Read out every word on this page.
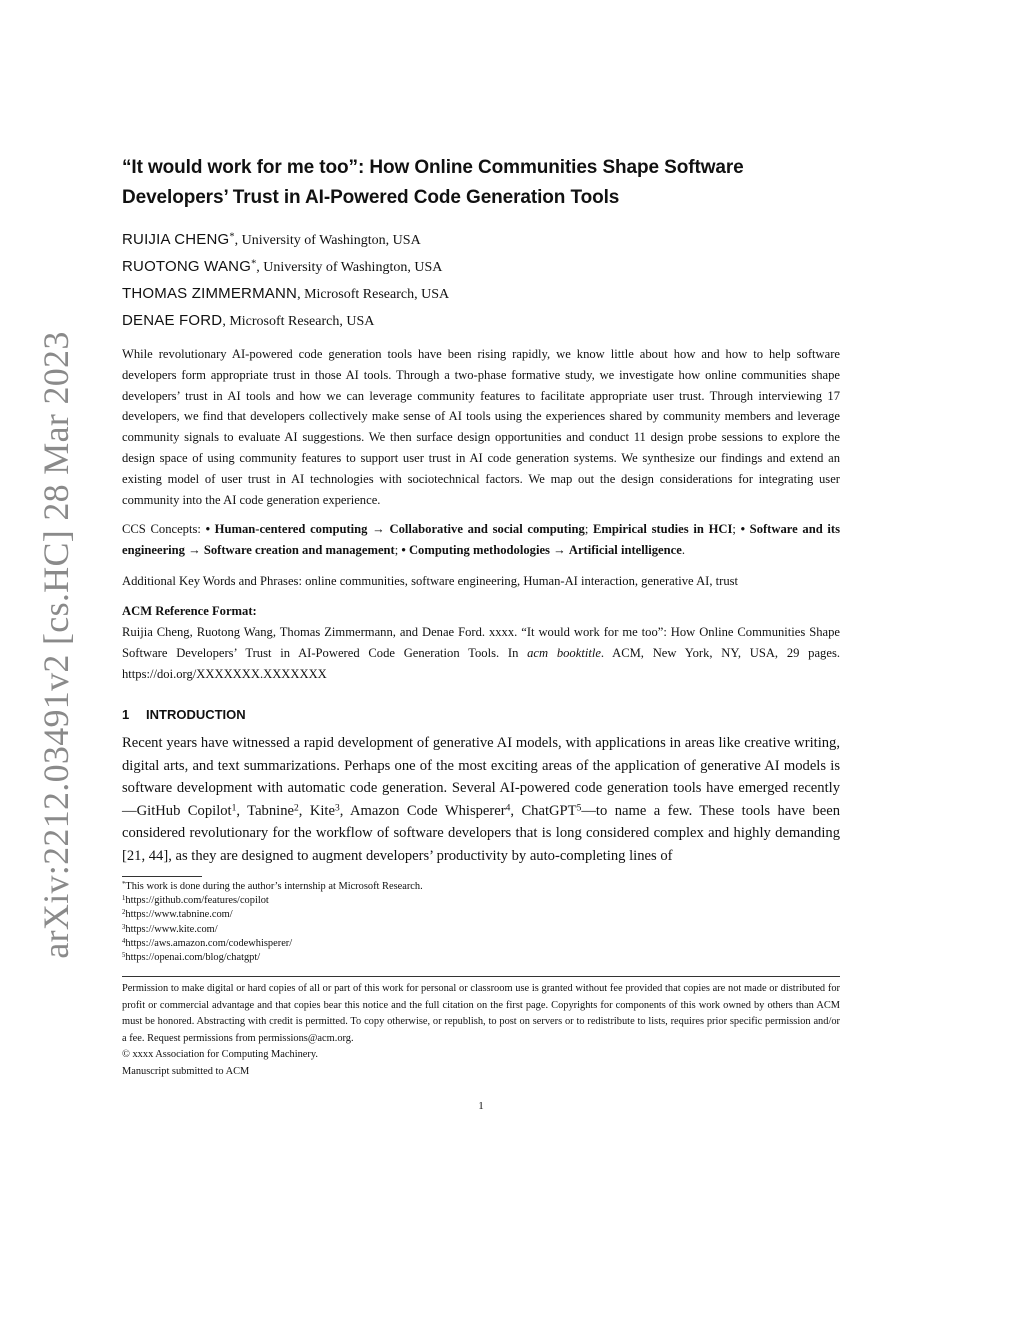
arXiv:2212.03491v2 [cs.HC] 28 Mar 2023
“It would work for me too”: How Online Communities Shape Software Developers’ Trust in AI-Powered Code Generation Tools
RUIJIA CHENG*, University of Washington, USA
RUOTONG WANG*, University of Washington, USA
THOMAS ZIMMERMANN, Microsoft Research, USA
DENAE FORD, Microsoft Research, USA

While revolutionary AI-powered code generation tools have been rising rapidly, we know little about how and how to help software developers form appropriate trust in those AI tools. Through a two-phase formative study, we investigate how online communities shape developers’ trust in AI tools and how we can leverage community features to facilitate appropriate user trust. Through interviewing 17 developers, we find that developers collectively make sense of AI tools using the experiences shared by community members and leverage community signals to evaluate AI suggestions. We then surface design opportunities and conduct 11 design probe sessions to explore the design space of using community features to support user trust in AI code generation systems. We synthesize our findings and extend an existing model of user trust in AI technologies with sociotechnical factors. We map out the design considerations for integrating user community into the AI code generation experience.

CCS Concepts: • Human-centered computing → Collaborative and social computing; Empirical studies in HCI; • Software and its engineering → Software creation and management; • Computing methodologies → Artificial intelligence.

Additional Key Words and Phrases: online communities, software engineering, Human-AI interaction, generative AI, trust

ACM Reference Format:

Ruijia Cheng, Ruotong Wang, Thomas Zimmermann, and Denae Ford. xxxx. “It would work for me too”: How Online Communities Shape Software Developers’ Trust in AI-Powered Code Generation Tools. In acm booktitle. ACM, New York, NY, USA, 29 pages. https://doi.org/XXXXXXX.XXXXXXX

1 INTRODUCTION

Recent years have witnessed a rapid development of generative AI models, with applications in areas like creative writing, digital arts, and text summarizations. Perhaps one of the most exciting areas of the application of generative AI models is software development with automatic code generation. Several AI-powered code generation tools have emerged recently—GitHub Copilot$^1$, Tabnine$^2$, Kite$^3$, Amazon Code Whisperer$^4$, ChatGPT$^5$—to name a few. These tools have been considered revolutionary for the workflow of software developers that is long considered complex and highly demanding [21, 44], as they are designed to augment developers’ productivity by auto-completing lines of

*This work is done during the author’s internship at Microsoft Research.
$^1$https://github.com/features/copilot
$^2$https://www.tabnine.com/
$^3$https://www.kite.com/
$^4$https://aws.amazon.com/codewhisperer/
$^5$https://openai.com/blog/chatgpt/

Permission to make digital or hard copies of all or part of this work for personal or classroom use is granted without fee provided that copies are not made or distributed for profit or commercial advantage and that copies bear this notice and the full citation on the first page. Copyrights for components of this work owned by others than ACM must be honored. Abstracting with credit is permitted. To copy otherwise, or republish, to post on servers or to redistribute to lists, requires prior specific permission and/or a fee. Request permissions from permissions@acm.org.

© xxxx Association for Computing Machinery.

Manuscript submitted to ACM

1
